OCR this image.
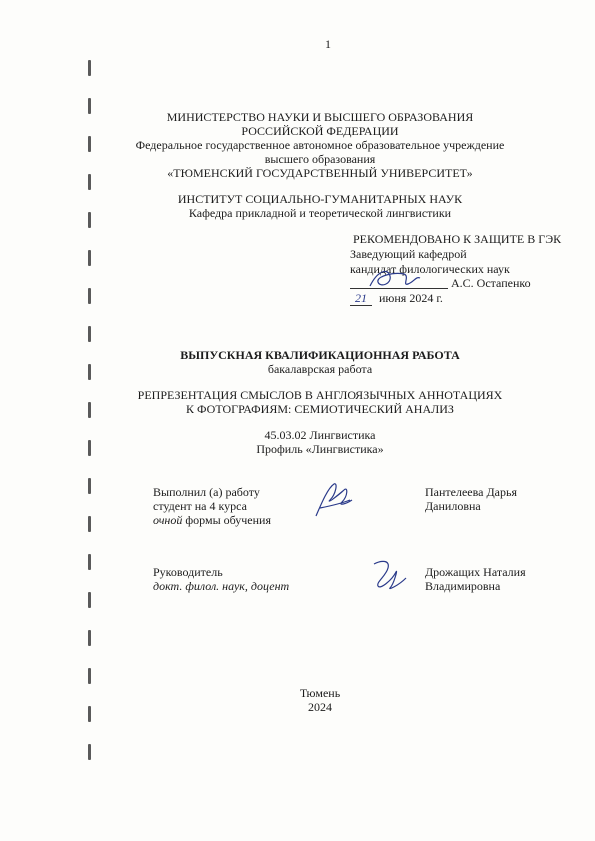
1
МИНИСТЕРСТВО НАУКИ И ВЫСШЕГО ОБРАЗОВАНИЯ
РОССИЙСКОЙ ФЕДЕРАЦИИ
Федеральное государственное автономное образовательное учреждение
высшего образования
«ТЮМЕНСКИЙ ГОСУДАРСТВЕННЫЙ УНИВЕРСИТЕТ»
ИНСТИТУТ СОЦИАЛЬНО-ГУМАНИТАРНЫХ НАУК
Кафедра прикладной и теоретической лингвистики
РЕКОМЕНДОВАНО К ЗАЩИТЕ В ГЭК
Заведующий кафедрой
кандидат филологических наук
А.С. Остапенко
21	июня 2024 г.
ВЫПУСКНАЯ КВАЛИФИКАЦИОННАЯ РАБОТА
бакалаврская работа
РЕПРЕЗЕНТАЦИЯ СМЫСЛОВ В АНГЛОЯЗЫЧНЫХ АННОТАЦИЯХ
К ФОТОГРАФИЯМ: СЕМИОТИЧЕСКИЙ АНАЛИЗ
45.03.02 Лингвистика
Профиль «Лингвистика»
Выполнил (а) работу
студент на 4 курса
очной формы обучения
Пантелеева Дарья
Даниловна
Руководитель
докт. филол. наук, доцент
Дрожащих Наталия
Владимировна
Тюмень
2024
